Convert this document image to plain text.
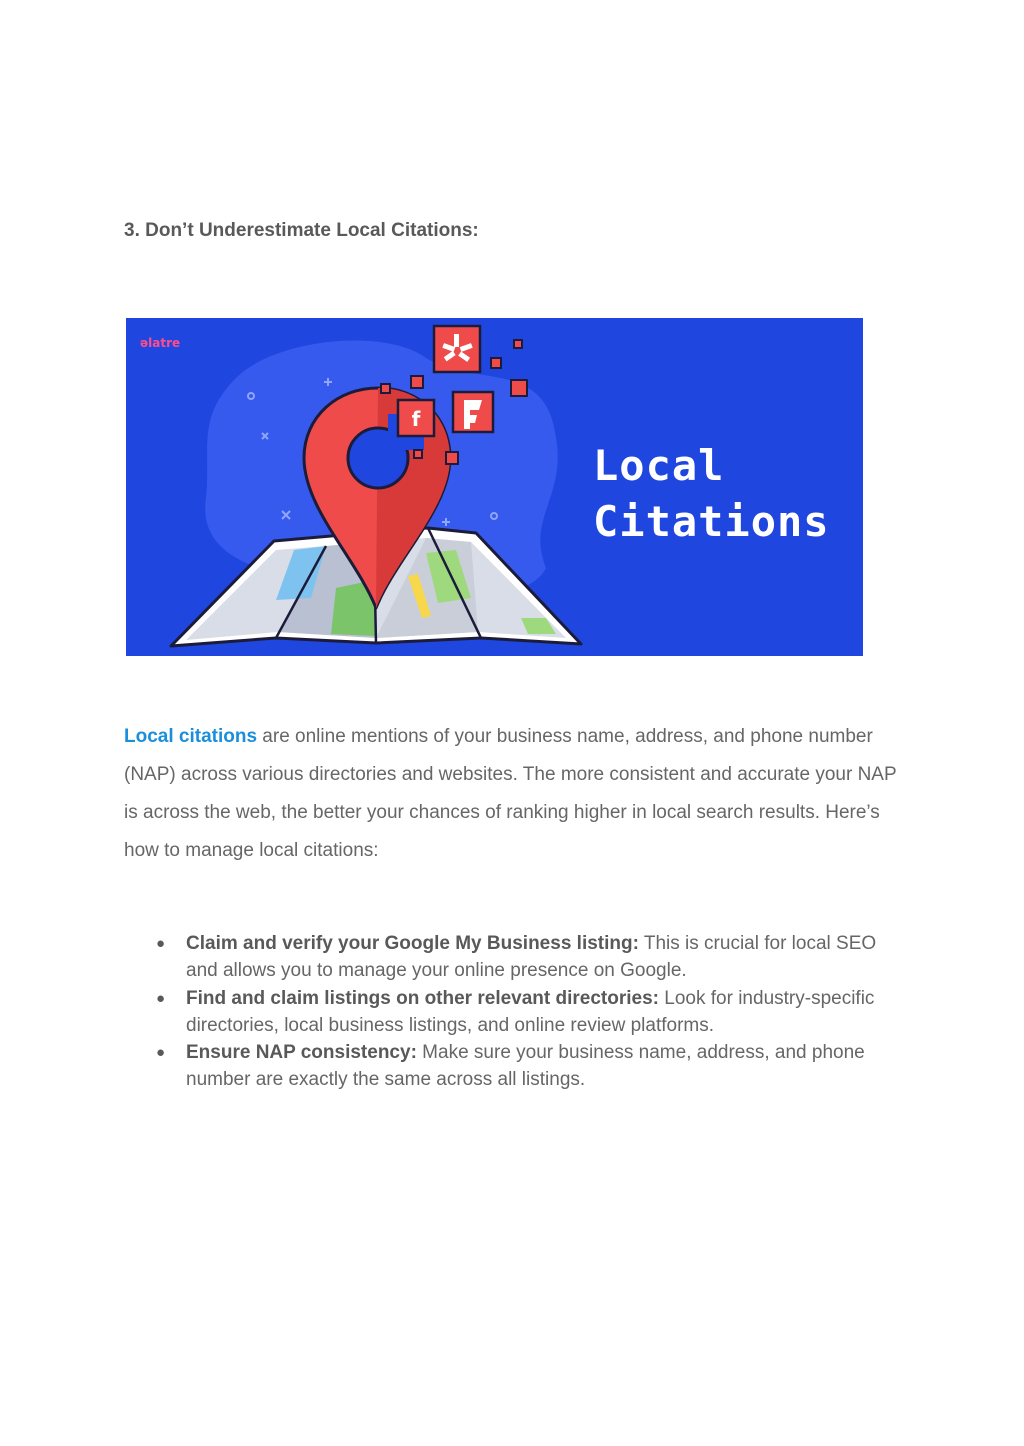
3. Don’t Underestimate Local Citations:
f
əlatre
Local
Citations

Local citations are online mentions of your business name, address, and phone number (NAP) across various directories and websites. The more consistent and accurate your NAP is across the web, the better your chances of ranking higher in local search results. Here’s how to manage local citations:

● Claim and verify your Google My Business listing: This is crucial for local SEO and allows you to manage your online presence on Google.
● Find and claim listings on other relevant directories: Look for industry-specific directories, local business listings, and online review platforms.
● Ensure NAP consistency: Make sure your business name, address, and phone number are exactly the same across all listings.
